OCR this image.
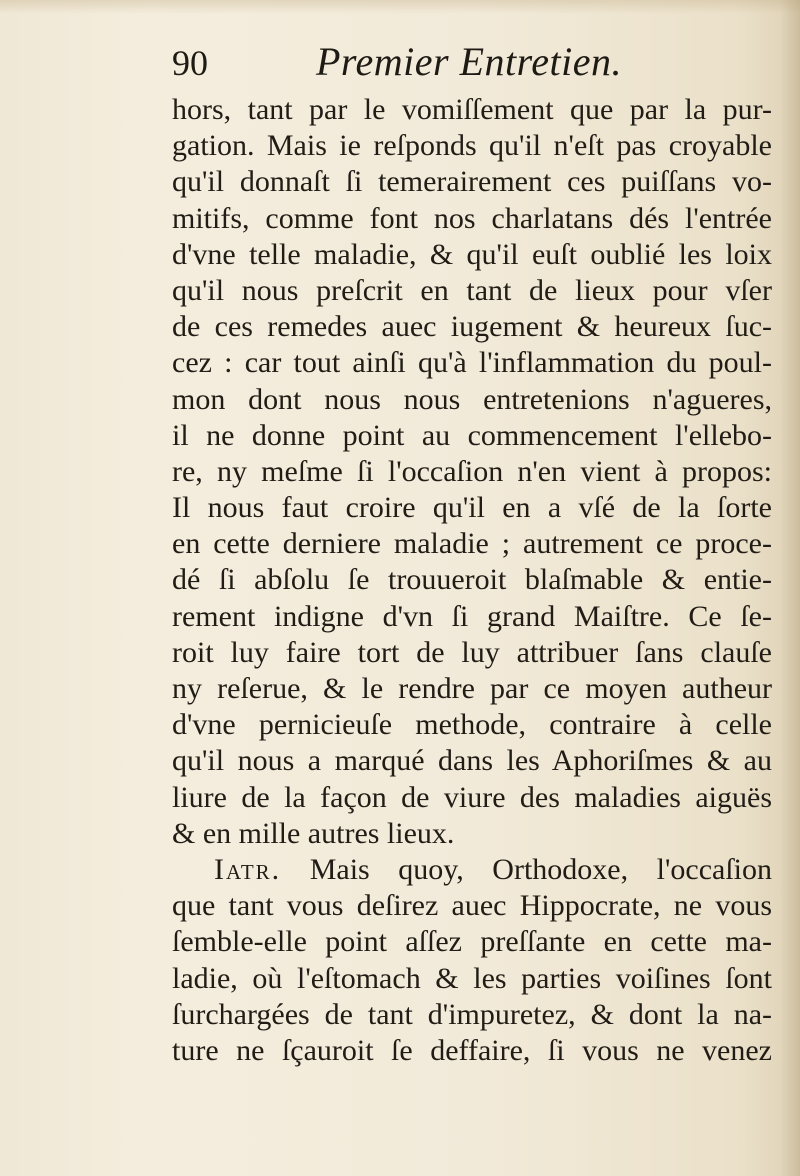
90	Premier Entretien.
hors, tant par le vomiſſement que par la pur-
gation. Mais ie reſponds qu'il n'eſt pas croyable
qu'il donnaſt ſi temerairement ces puiſſans vo-
mitifs, comme font nos charlatans dés l'entrée
d'vne telle maladie, & qu'il euſt oublié les loix
qu'il nous preſcrit en tant de lieux pour vſer
de ces remedes auec iugement & heureux ſuc-
cez : car tout ainſi qu'à l'inflammation du poul-
mon dont nous nous entretenions n'agueres,
il ne donne point au commencement l'ellebo-
re, ny meſme ſi l'occaſion n'en vient à propos:
Il nous faut croire qu'il en a vſé de la ſorte
en cette derniere maladie ; autrement ce proce-
dé ſi abſolu ſe trouueroit blaſmable & entie-
rement indigne d'vn ſi grand Maiſtre. Ce ſe-
roit luy faire tort de luy attribuer ſans clauſe
ny reſerue, & le rendre par ce moyen autheur
d'vne pernicieuſe methode, contraire à celle
qu'il nous a marqué dans les Aphoriſmes & au
liure de la façon de viure des maladies aiguës
& en mille autres lieux.
Iatr. Mais quoy, Orthodoxe, l'occaſion
que tant vous deſirez auec Hippocrate, ne vous
ſemble-elle point aſſez preſſante en cette ma-
ladie, où l'eſtomach & les parties voiſines ſont
ſurchargées de tant d'impuretez, & dont la na-
ture ne ſçauroit ſe deffaire, ſi vous ne venez
